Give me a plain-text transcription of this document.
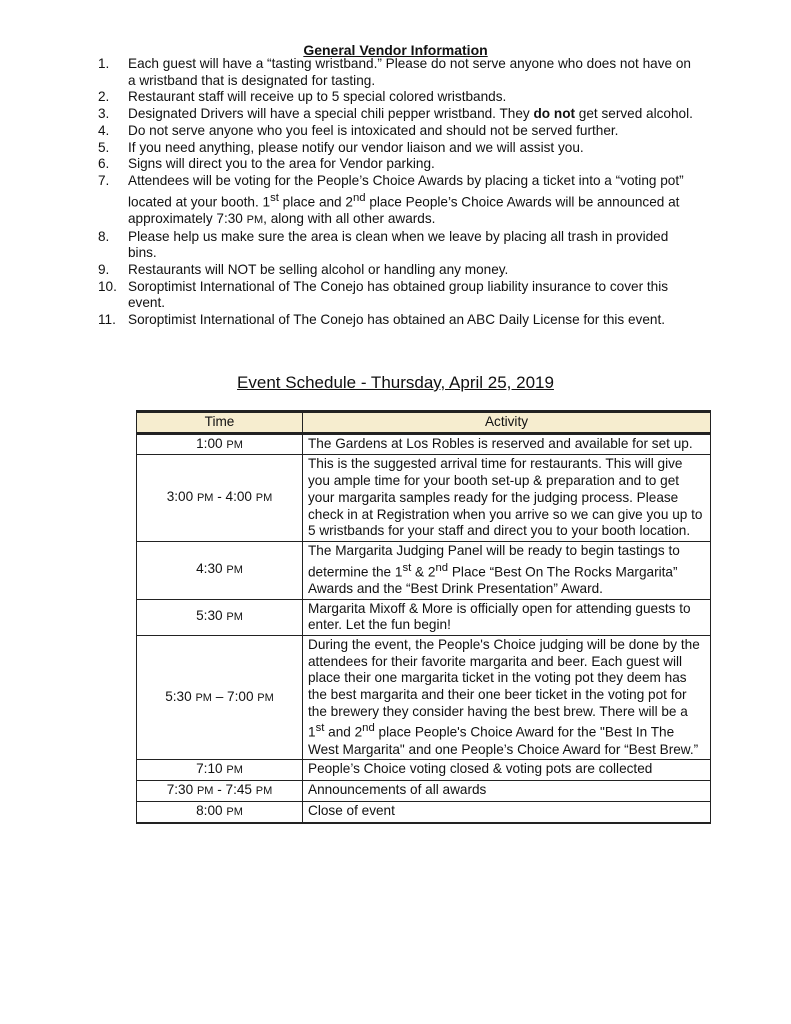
General Vendor Information
1. Each guest will have a “tasting wristband.” Please do not serve anyone who does not have on a wristband that is designated for tasting.
2. Restaurant staff will receive up to 5 special colored wristbands.
3. Designated Drivers will have a special chili pepper wristband. They do not get served alcohol.
4. Do not serve anyone who you feel is intoxicated and should not be served further.
5. If you need anything, please notify our vendor liaison and we will assist you.
6. Signs will direct you to the area for Vendor parking.
7. Attendees will be voting for the People’s Choice Awards by placing a ticket into a “voting pot” located at your booth. 1st place and 2nd place People’s Choice Awards will be announced at approximately 7:30 PM, along with all other awards.
8. Please help us make sure the area is clean when we leave by placing all trash in provided bins.
9. Restaurants will NOT be selling alcohol or handling any money.
10. Soroptimist International of The Conejo has obtained group liability insurance to cover this event.
11. Soroptimist International of The Conejo has obtained an ABC Daily License for this event.
Event Schedule - Thursday, April 25, 2019
Time	Activity
1:00 PM	The Gardens at Los Robles is reserved and available for set up.
3:00 PM - 4:00 PM	This is the suggested arrival time for restaurants. This will give you ample time for your booth set-up & preparation and to get your margarita samples ready for the judging process. Please check in at Registration when you arrive so we can give you up to 5 wristbands for your staff and direct you to your booth location.
4:30 PM	The Margarita Judging Panel will be ready to begin tastings to determine the 1st & 2nd Place “Best On The Rocks Margarita” Awards and the “Best Drink Presentation” Award.
5:30 PM	Margarita Mixoff & More is officially open for attending guests to enter. Let the fun begin!
5:30 PM – 7:00 PM	During the event, the People's Choice judging will be done by the attendees for their favorite margarita and beer. Each guest will place their one margarita ticket in the voting pot they deem has the best margarita and their one beer ticket in the voting pot for the brewery they consider having the best brew. There will be a 1st and 2nd place People's Choice Award for the "Best In The West Margarita" and one People’s Choice Award for “Best Brew.”
7:10 PM	People’s Choice voting closed & voting pots are collected
7:30 PM - 7:45 PM	Announcements of all awards
8:00 PM	Close of event
